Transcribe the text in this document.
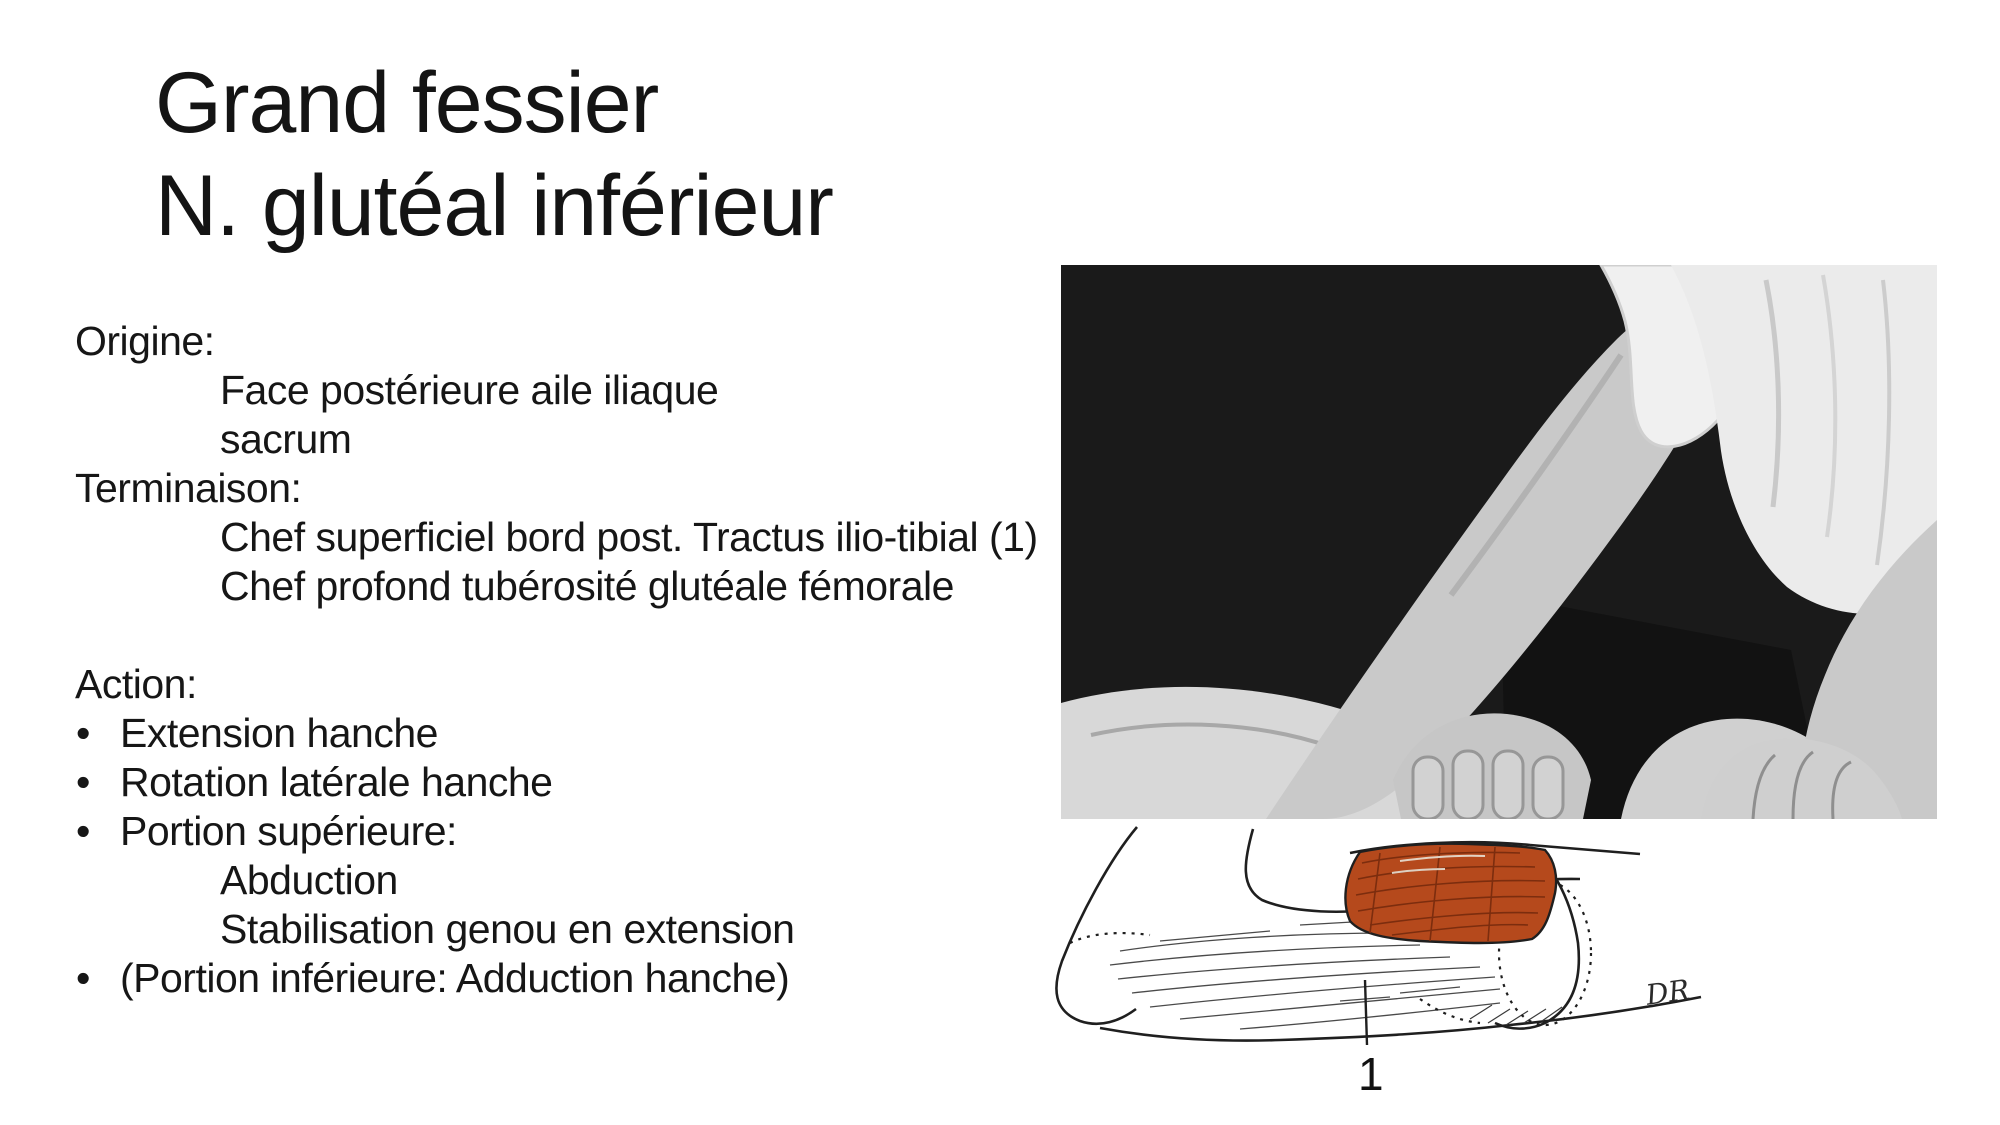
Grand fessier
N. glutéal inférieur
Origine:
Face postérieure aile iliaque
sacrum
Terminaison:
Chef superficiel bord post. Tractus ilio-tibial (1)
Chef profond tubérosité glutéale fémorale
Action:
• Extension hanche
• Rotation latérale hanche
• Portion supérieure:
Abduction
Stabilisation genou en extension
• (Portion inférieure: Adduction hanche)
1
DR
